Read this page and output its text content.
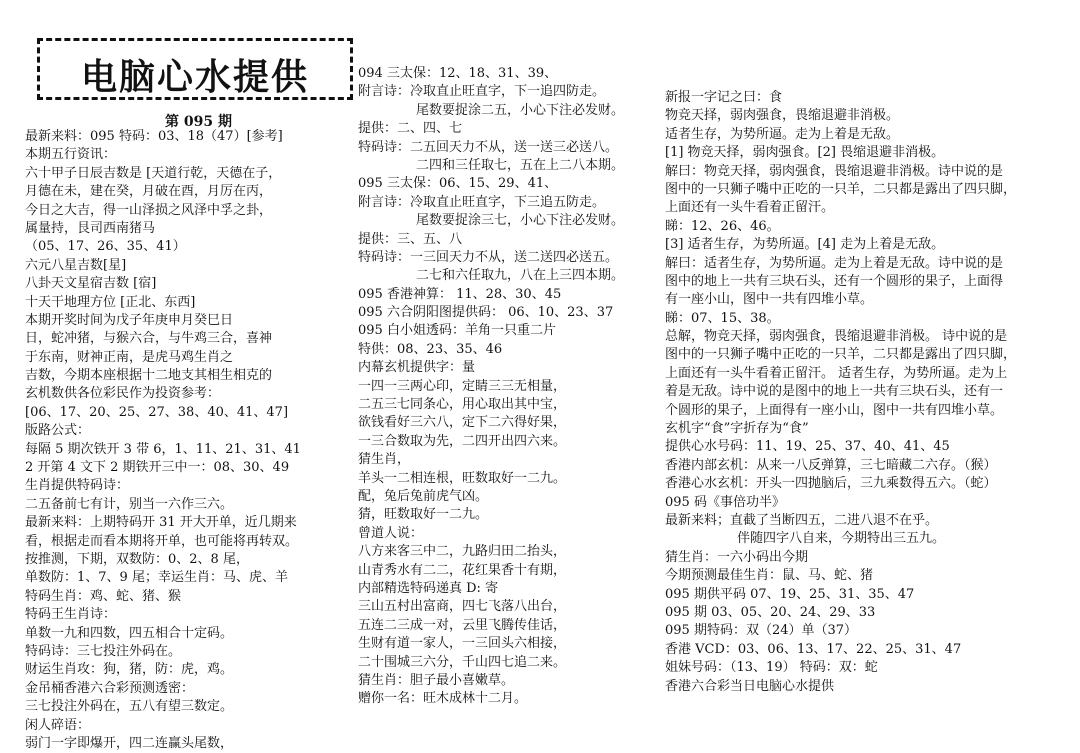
电脑心水提供
第 095 期
最新来料：095 特码：03、18（47）[参考]
本期五行资讯：
六十甲子日辰吉数是 [天道行乾，天德在子，
月德在未，建在癸，月破在酉，月厉在丙，
今日之大吉，得一山泽损之风泽中孚之卦，
属量持，艮司西南猪马
（05、17、26、35、41）
六元八星吉数[星]
八卦天文星宿吉数 [宿]
十天干地理方位 [正北、东西]
本期开奖时间为戊子年庚申月癸巳日
日，蛇冲猪，与猴六合，与牛鸡三合，喜神
于东南，财神正南，是虎马鸡生肖之
吉数，今期本座根据十二地支其相生相克的
玄机数供各位彩民作为投资参考：
[06、17、20、25、27、38、40、41、47]
版路公式：
每隔 5 期次铁开 3 带 6，1、11、21、31、41
2 开第 4 文下 2 期铁开三中一：08、30、49
生肖提供特码诗：
二五备前七有计，别当一六作三六。
最新来料：上期特码开 31 开大开单，近几期来
看，根据走而看本期将开单，也可能将再转双。
按推测，下期，双数防：0、2、8 尾，
单数防：1、7、9 尾；幸运生肖：马、虎、羊
特码生肖：鸡、蛇、猪、猴
特码王生肖诗：
单数一九和四数，四五相合十定码。
特码诗：三七投注外码在。
财运生肖攻：狗，猪，防：虎，鸡。
金吊桶香港六合彩预测透密：
三七投注外码在，五八有望三数定。
闲人碎语：
弱门一字即爆开，四二连赢头尾数，
094 三太保：12、18、31、39、
附言诗：冷取直止旺直字，下一追四防走。
尾数要捉涂二五，小心下注必发财。
提供：二、四、七
特码诗：二五回天力不从，送一送三必送八。
二四和三任取七，五在上二八本期。
095 三太保：06、15、29、41、
附言诗：冷取直止旺直字，下三追五防走。
尾数要捉涂三七，小心下注必发财。
提供：三、五、八
特码诗：一三回天力不从，送二送四必送五。
二七和六任取九，八在上三四本期。
095 香港神算： 11、28、30、45
095 六合阴阳图提供码： 06、10、23、37
095 白小姐透码：羊角一只重二片
特供：08、23、35、46
内幕玄机提供字：量
一四一三两心印，定睛三三无相量，
二五三七同条心，用心取出其中宝，
欲钱看好三六八，定下二六得好果，
一三合数取为先，二四开出四六来。
猜生肖，
羊头一二相连根，旺数取好一二九。
配，兔后兔前虎气凶。
猜，旺数取好一二九。
曾道人说：
八方来客三中二，九路归田二抬头，
山青秀水有二二，花红果香十有期，
内部精选特码递真 D: 寄
三山五村出富商，四七飞落八出台，
五连二三成一对，云里飞腾传佳话，
生财有道一家人，一三回头六相接，
二十围城三六分，千山四七追二来。
猜生肖：胆子最小喜嫩草。
赠你一名：旺木成林十二月。
新报一字记之曰：食
物竞天择，弱肉强食，畏缩退避非消极。
适者生存，为势所逼。走为上着是无敌。
[1] 物竞天择，弱肉强食。[2] 畏缩退避非消极。
解曰：物竞天择，弱肉强食，畏缩退避非消极。诗中说的是
图中的一只狮子嘴中正吃的一只羊，二只都是露出了四只脚，
上面还有一头牛看着正留汗。
睇：12、26、46。
[3] 适者生存，为势所逼。[4] 走为上着是无敌。
解曰：适者生存，为势所逼。走为上着是无敌。诗中说的是
图中的地上一共有三块石头，还有一个圆形的果子，上面得
有一座小山，图中一共有四堆小草。
睇：07、15、38。
总解，物竞天择，弱肉强食，畏缩退避非消极。 诗中说的是
图中的一只狮子嘴中正吃的一只羊，二只都是露出了四只脚，
上面还有一头牛看着正留汗。 适者生存，为势所逼。走为上
着是无敌。诗中说的是图中的地上一共有三块石头，还有一
个圆形的果子，上面得有一座小山，图中一共有四堆小草。
玄机字“食”字折存为“食”
提供心水号码：11、19、25、37、40、41、45
香港内部玄机：从来一八反弹算，三七暗藏二六存。（猴）
香港心水玄机：开头一四抛脑后，三九乘数得五六。（蛇）
095 码《事倍功半》
最新来料；直截了当断四五，二进八退不在乎。
伴随四字八自来，今期特出三五九。
猜生肖：一六小码出今期
今期预测最佳生肖：鼠、马、蛇、猪
095 期供平码 07、19、25、31、35、47
095 期 03、05、20、24、29、33
095 期特码：双（24）单（37）
香港 VCD：03、06、13、17、22、25、31、47
姐妹号码：（13、19） 特码：双：蛇
香港六合彩当日电脑心水提供
